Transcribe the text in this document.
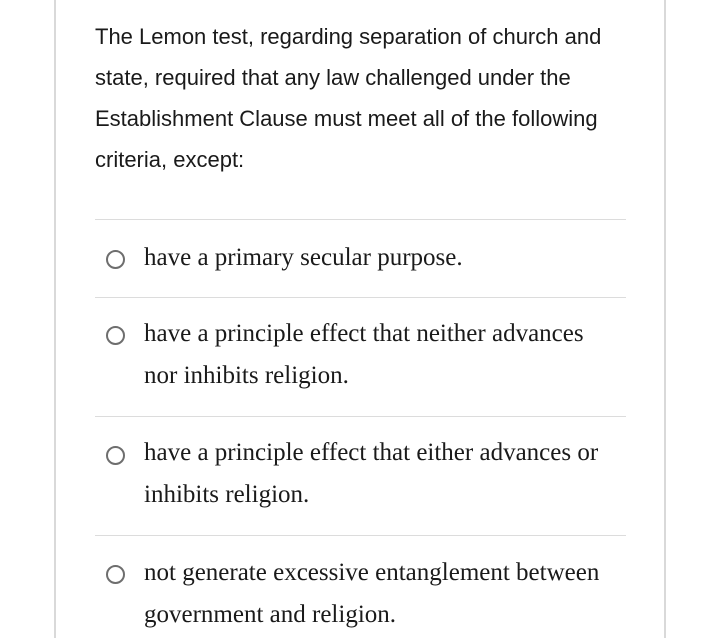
The Lemon test, regarding separation of church and state, required that any law challenged under the Establishment Clause must meet all of the following criteria, except:

have a primary secular purpose.
have a principle effect that neither advances nor inhibits religion.
have a principle effect that either advances or inhibits religion.
not generate excessive entanglement between government and religion.
